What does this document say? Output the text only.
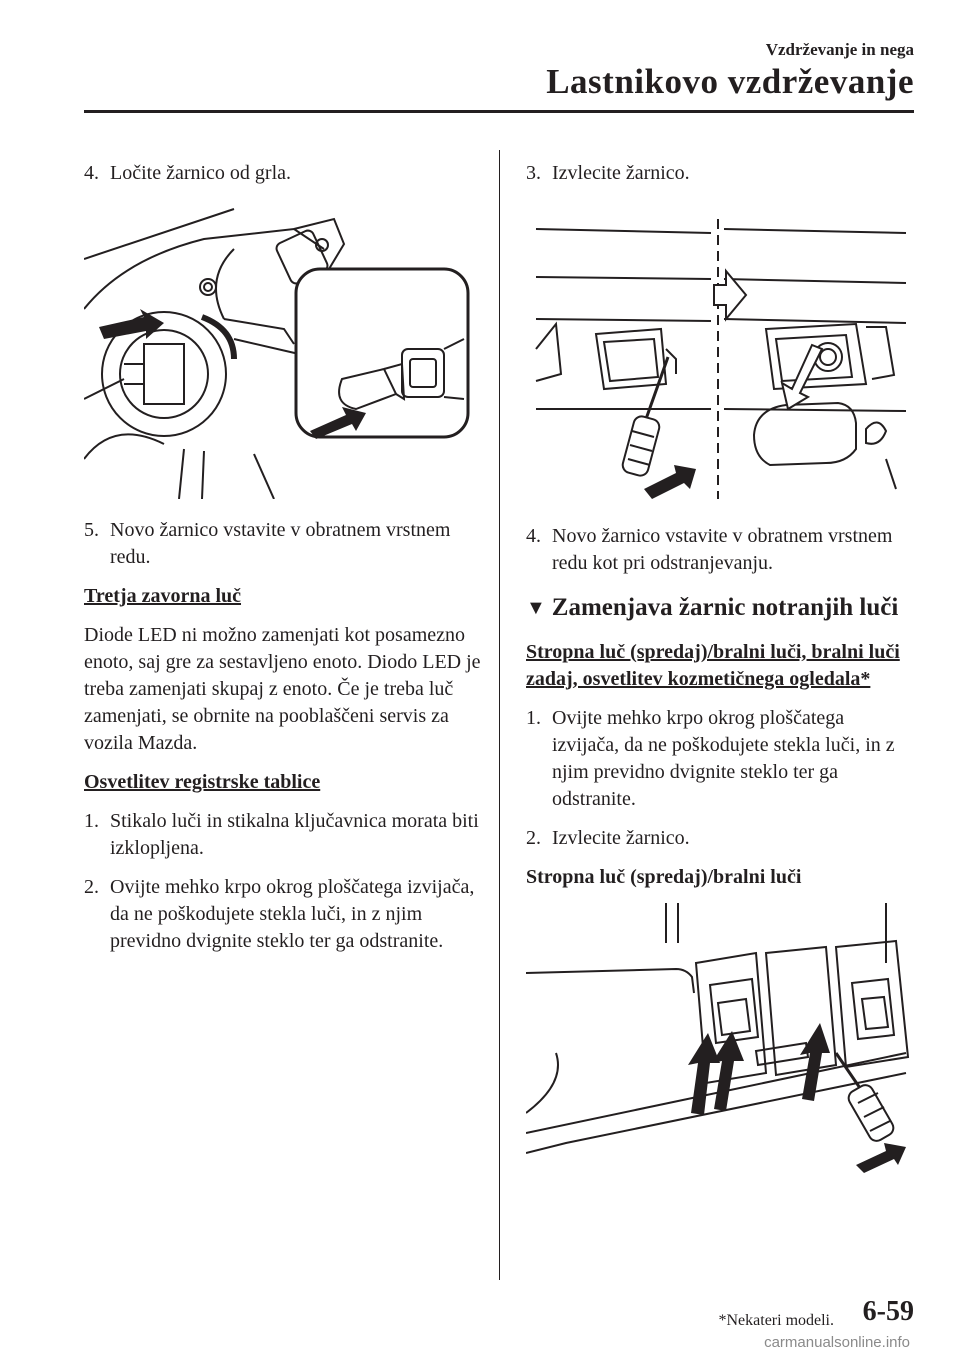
Vzdrževanje in nega
Lastnikovo vzdrževanje
4. Ločite žarnico od grla.
5. Novo žarnico vstavite v obratnem vrstnem redu.
Tretja zavorna luč
Diode LED ni možno zamenjati kot posamezno enoto, saj gre za sestavljeno enoto. Diodo LED je treba zamenjati skupaj z enoto. Če je treba luč zamenjati, se obrnite na pooblaščeni servis za vozila Mazda.
Osvetlitev registrske tablice
1. Stikalo luči in stikalna ključavnica morata biti izklopljena.
2. Ovijte mehko krpo okrog ploščatega izvijača, da ne poškodujete stekla luči, in z njim previdno dvignite steklo ter ga odstranite.
3. Izvlecite žarnico.
4. Novo žarnico vstavite v obratnem vrstnem redu kot pri odstranjevanju.
▼ Zamenjava žarnic notranjih luči
Stropna luč (spredaj)/bralni luči, bralni luči zadaj, osvetlitev kozmetičnega ogledala*
1. Ovijte mehko krpo okrog ploščatega izvijača, da ne poškodujete stekla luči, in z njim previdno dvignite steklo ter ga odstranite.
2. Izvlecite žarnico.
Stropna luč (spredaj)/bralni luči
*Nekateri modeli. 6-59
carmanualsonline.info
